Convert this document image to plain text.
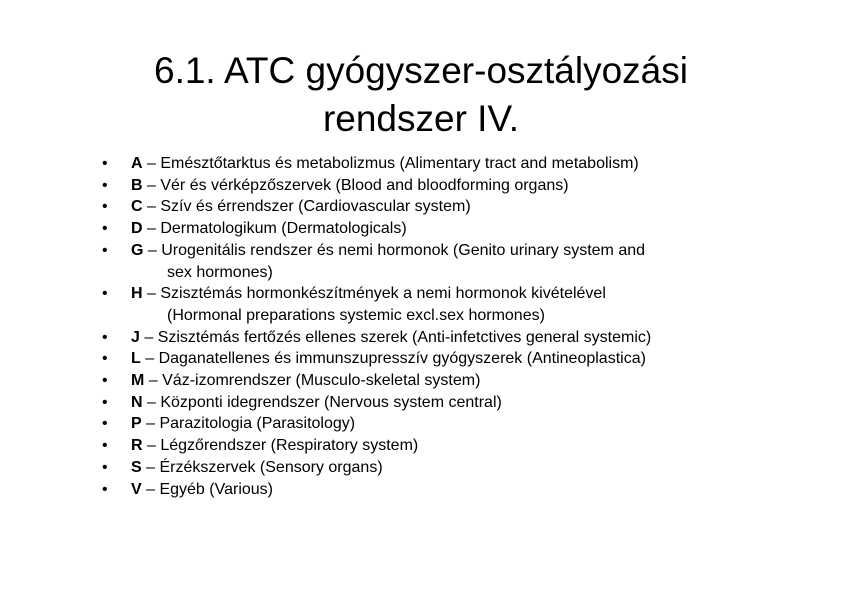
6.1. ATC gyógyszer-osztályozási
rendszer IV.
• A – Emésztőtarktus és metabolizmus (Alimentary tract and metabolism)
• B – Vér és vérképzőszervek (Blood and bloodforming organs)
• C – Szív és érrendszer (Cardiovascular system)
• D – Dermatologikum (Dermatologicals)
• G – Urogenitális rendszer és nemi hormonok (Genito urinary system and
sex hormones)
• H – Szisztémás hormonkészítmények a nemi hormonok kivételével
(Hormonal preparations systemic excl.sex hormones)
• J – Szisztémás fertőzés ellenes szerek (Anti-infetctives general systemic)
• L – Daganatellenes és immunszupresszív gyógyszerek (Antineoplastica)
• M – Váz-izomrendszer (Musculo-skeletal system)
• N – Központi idegrendszer (Nervous system central)
• P – Parazitologia (Parasitology)
• R – Légzőrendszer (Respiratory system)
• S – Érzékszervek (Sensory organs)
• V – Egyéb (Various)
